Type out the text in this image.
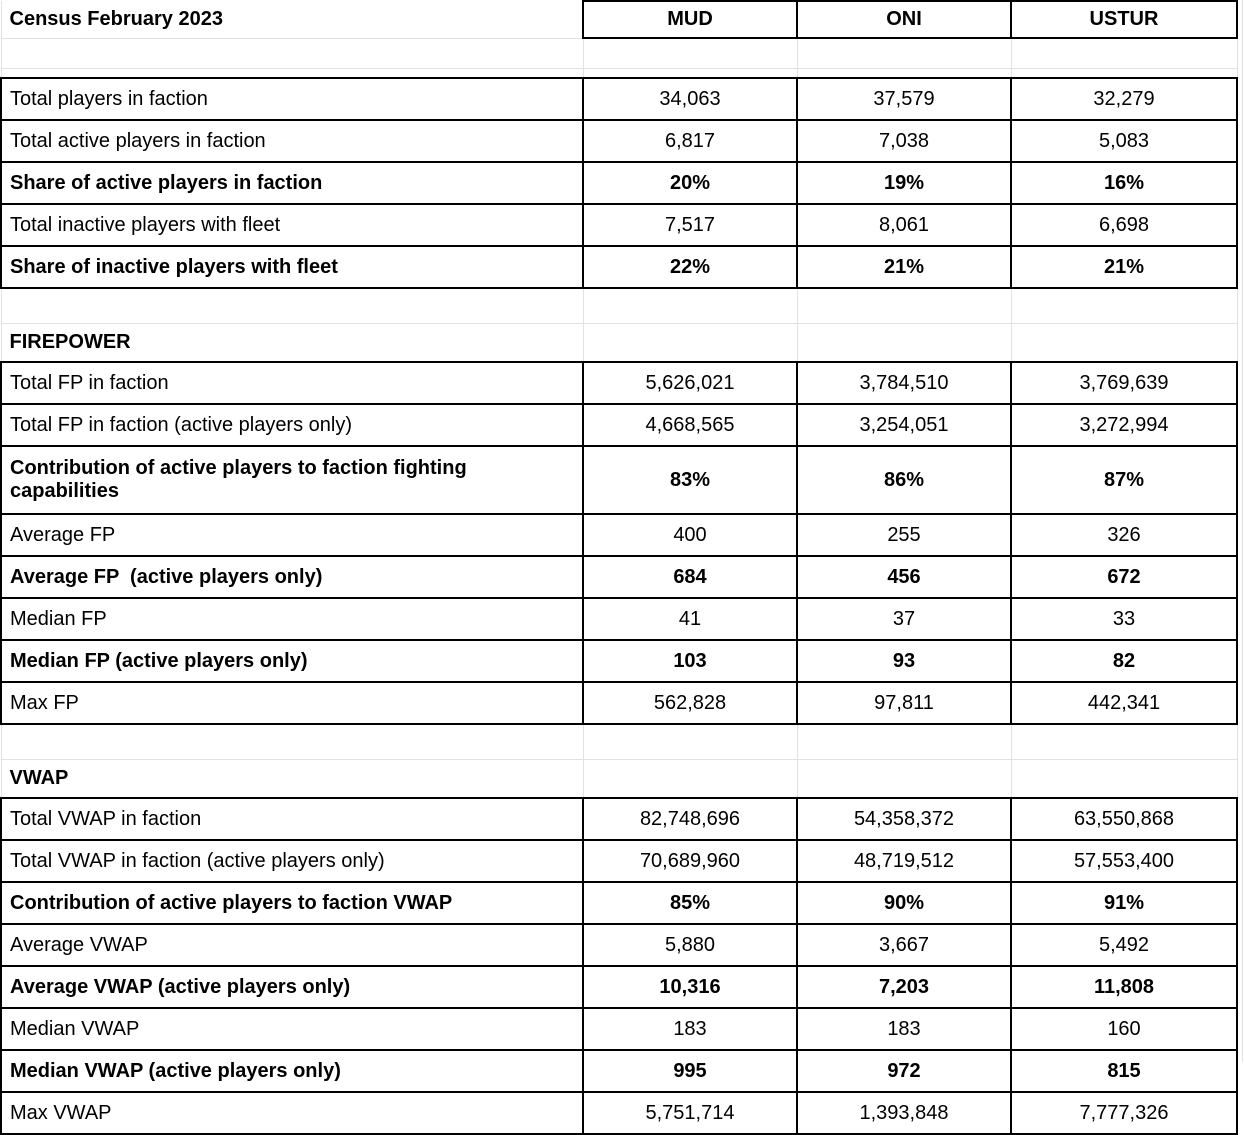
Census February 2023	MUD	ONI	USTUR

Total players in faction	34,063	37,579	32,279
Total active players in faction	6,817	7,038	5,083
Share of active players in faction	20%	19%	16%
Total inactive players with fleet	7,517	8,061	6,698
Share of inactive players with fleet	22%	21%	21%

FIREPOWER			
Total FP in faction	5,626,021	3,784,510	3,769,639
Total FP in faction (active players only)	4,668,565	3,254,051	3,272,994
Contribution of active players to faction fighting capabilities	83%	86%	87%
Average FP	400	255	326
Average FP  (active players only)	684	456	672
Median FP	41	37	33
Median FP (active players only)	103	93	82
Max FP	562,828	97,811	442,341

VWAP			
Total VWAP in faction	82,748,696	54,358,372	63,550,868
Total VWAP in faction (active players only)	70,689,960	48,719,512	57,553,400
Contribution of active players to faction VWAP	85%	90%	91%
Average VWAP	5,880	3,667	5,492
Average VWAP (active players only)	10,316	7,203	11,808
Median VWAP	183	183	160
Median VWAP (active players only)	995	972	815
Max VWAP	5,751,714	1,393,848	7,777,326
